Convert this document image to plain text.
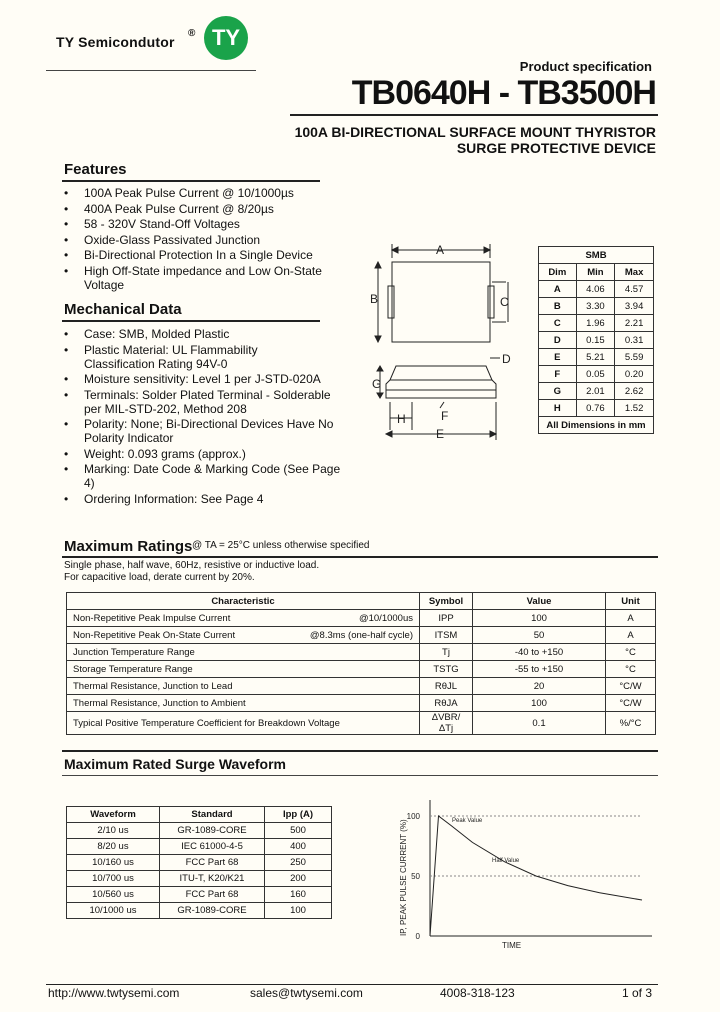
TY Semicondutor
® TY
Product specification
TB0640H - TB3500H
100A BI-DIRECTIONAL SURFACE MOUNT THYRISTOR
SURGE PROTECTIVE DEVICE
Features
• 100A Peak Pulse Current @ 10/1000µs
• 400A Peak Pulse Current @ 8/20µs
• 58 - 320V Stand-Off Voltages
• Oxide-Glass Passivated Junction
• Bi-Directional Protection In a Single Device
• High Off-State impedance and Low On-State Voltage
Mechanical Data
• Case: SMB, Molded Plastic
• Plastic Material: UL Flammability Classification Rating 94V-0
• Moisture sensitivity: Level 1 per J-STD-020A
• Terminals: Solder Plated Terminal - Solderable per MIL-STD-202, Method 208
• Polarity: None; Bi-Directional Devices Have No Polarity Indicator
• Weight: 0.093 grams (approx.)
• Marking: Date Code & Marking Code (See Page 4)
• Ordering Information: See Page 4
A
B	C
D
G
H	F
E
SMB		
Dim	Min	Max
A	4.06	4.57
B	3.30	3.94
C	1.96	2.21
D	0.15	0.31
E	5.21	5.59
F	0.05	0.20
G	2.01	2.62
H	0.76	1.52
All Dimensions in mm		
Maximum Ratings @ TA = 25°C unless otherwise specified
Single phase, half wave, 60Hz, resistive or inductive load.
For capacitive load, derate current by 20%.
Characteristic	Symbol	Value	Unit

Non-Repetitive Peak Impulse Current @10/1000us	IPP	100	A

Non-Repetitive Peak On-State Current @8.3ms (one-half cycle)	ITSM	50	A

Junction Temperature Range	Tj	-40 to +150	°C

Storage Temperature Range	TSTG	-55 to +150	°C

Thermal Resistance, Junction to Lead	RθJL	20	°C/W

Thermal Resistance, Junction to Ambient	RθJA	100	°C/W

Typical Positive Temperature Coefficient for Breakdown Voltage	ΔVBR/ΔTj	0.1	%/°C
Maximum Rated Surge Waveform
Waveform	Standard	Ipp (A)
2/10 us	GR-1089-CORE	500
8/20 us	IEC 61000-4-5	400
10/160 us	FCC Part 68	250
10/700 us	ITU-T, K20/K21	200
10/560 us	FCC Part 68	160
10/1000 us	GR-1089-CORE	100	IP, PEAK PULSE CURRENT (%)
100
50
0
Peak Value
Half Value
TIME
http://www.twtysemi.com	sales@twtysemi.com	4008-318-123	1 of 3
